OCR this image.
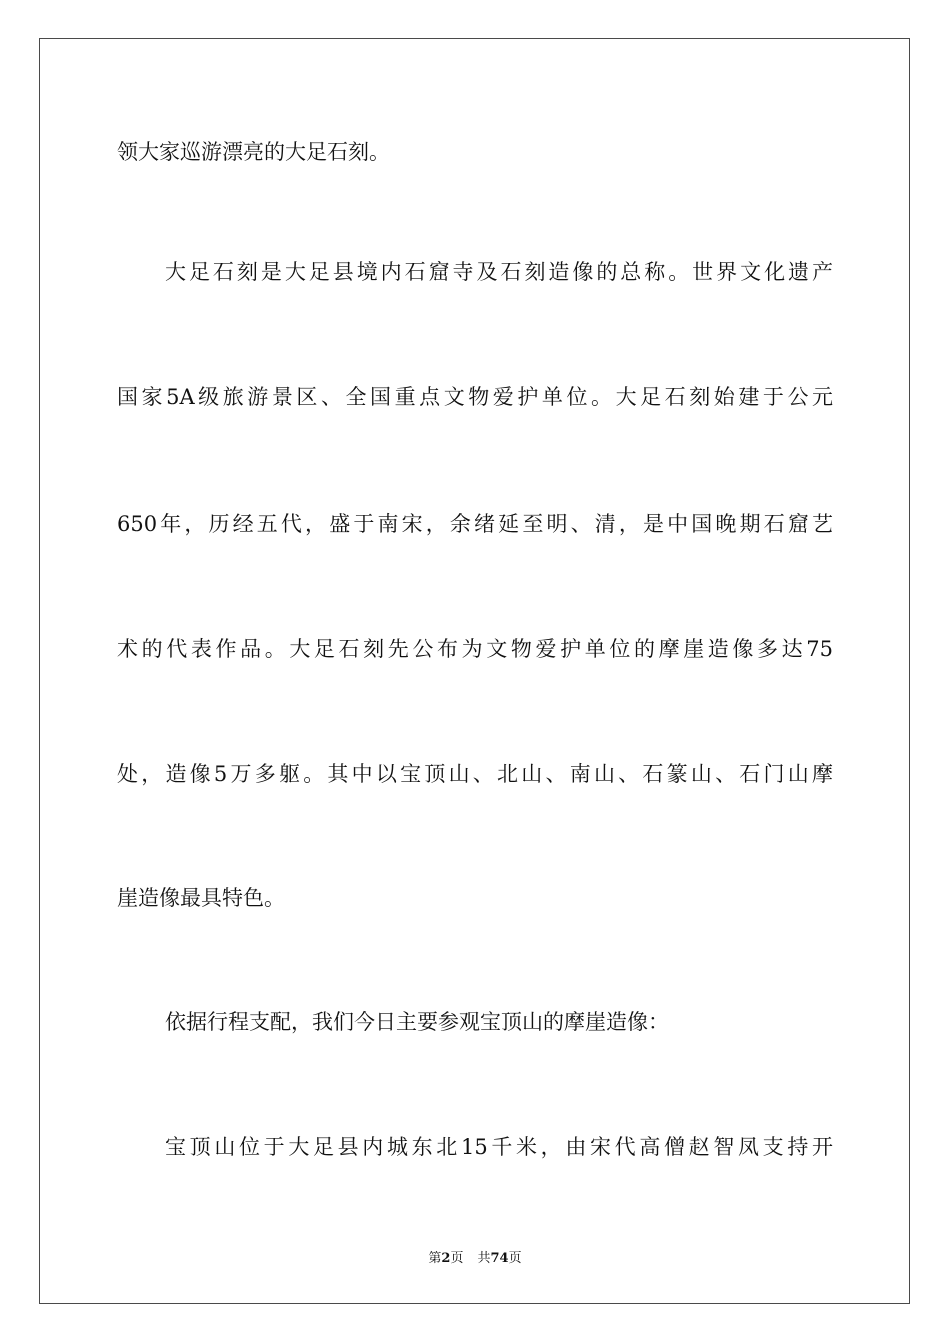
领大家巡游漂亮的大足石刻。
大足石刻是大足县境内石窟寺及石刻造像的总称。世界文化遗产
国家5A级旅游景区、全国重点文物爱护单位。大足石刻始建于公元
650年，历经五代，盛于南宋，余绪延至明、清，是中国晚期石窟艺
术的代表作品。大足石刻先公布为文物爱护单位的摩崖造像多达75
处，造像5万多躯。其中以宝顶山、北山、南山、石篆山、石门山摩
崖造像最具特色。
依据行程支配，我们今日主要参观宝顶山的摩崖造像：
宝顶山位于大足县内城东北15千米，由宋代高僧赵智凤支持开
第2页 共74页
